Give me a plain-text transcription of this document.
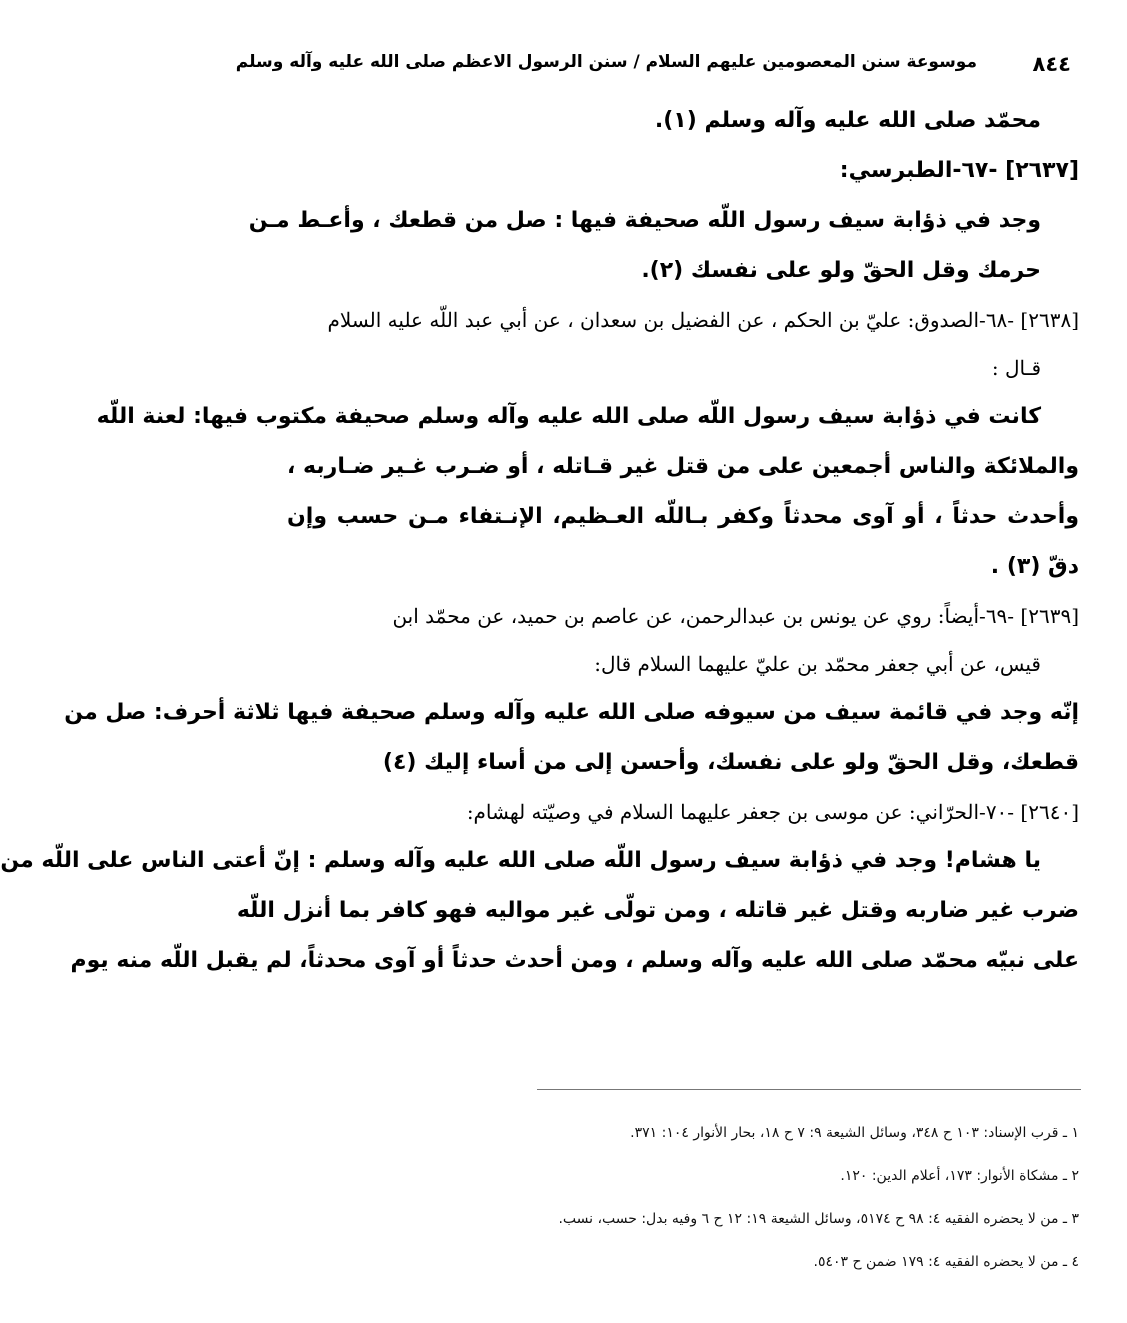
٨٤٤
موسوعة سنن المعصومين عليهم السلام / سنن الرسول الاعظم صلى الله عليه وآله وسلم
محمّد صلى الله عليه وآله وسلم (١).
[٢٦٣٧] -٦٧-الطبرسي:
وجد في ذؤابة سيف رسول اللّه صحيفة فيها : صل من قطعك ، وأعـط مـن
حرمك وقل الحقّ ولو على نفسك (٢).
[٢٦٣٨] -٦٨-الصدوق: عليّ بن الحكم ، عن الفضيل بن سعدان ، عن أبي عبد اللّه عليه السلام
قـال :
كانت في ذؤابة سيف رسول اللّه صلى الله عليه وآله وسلم صحيفة مكتوب فيها: لعنة اللّه
والملائكة والناس أجمعين على من قتل غير قـاتله ، أو ضـرب غـير ضـاربه ،
وأحدث حدثاً ، أو آوى محدثاً وكفر بـاللّه العـظيم، الإنـتفاء مـن حسب وإن
دقّ (٣) .
[٢٦٣٩] -٦٩-أيضاً: روي عن يونس بن عبدالرحمن، عن عاصم بن حميد، عن محمّد ابن
قيس، عن أبي جعفر محمّد بن عليّ عليهما السلام قال:
إنّه وجد في قائمة سيف من سيوفه صلى الله عليه وآله وسلم صحيفة فيها ثلاثة أحرف: صل من
قطعك، وقل الحقّ ولو على نفسك، وأحسن إلى من أساء إليك (٤)
[٢٦٤٠] -٧٠-الحرّاني: عن موسى بن جعفر عليهما السلام في وصيّته لهشام:
يا هشام! وجد في ذؤابة سيف رسول اللّه صلى الله عليه وآله وسلم : إنّ أعتى الناس على اللّه من
ضرب غير ضاربه وقتل غير قاتله ، ومن تولّى غير مواليه فهو كافر بما أنزل اللّه
على نبيّه محمّد صلى الله عليه وآله وسلم ، ومن أحدث حدثاً أو آوى محدثاً، لم يقبل اللّه منه يوم
١ ـ قرب الإسناد: ١٠٣ ح ٣٤٨، وسائل الشيعة ٩: ٧ ح ١٨، بحار الأنوار ١٠٤: ٣٧١.
٢ ـ مشكاة الأنوار: ١٧٣، أعلام الدين: ١٢٠.
٣ ـ من لا يحضره الفقيه ٤: ٩٨ ح ٥١٧٤، وسائل الشيعة ١٩: ١٢ ح ٦ وفيه بدل: حسب، نسب.
٤ ـ من لا يحضره الفقيه ٤: ١٧٩ ضمن ح ٥٤٠٣.
